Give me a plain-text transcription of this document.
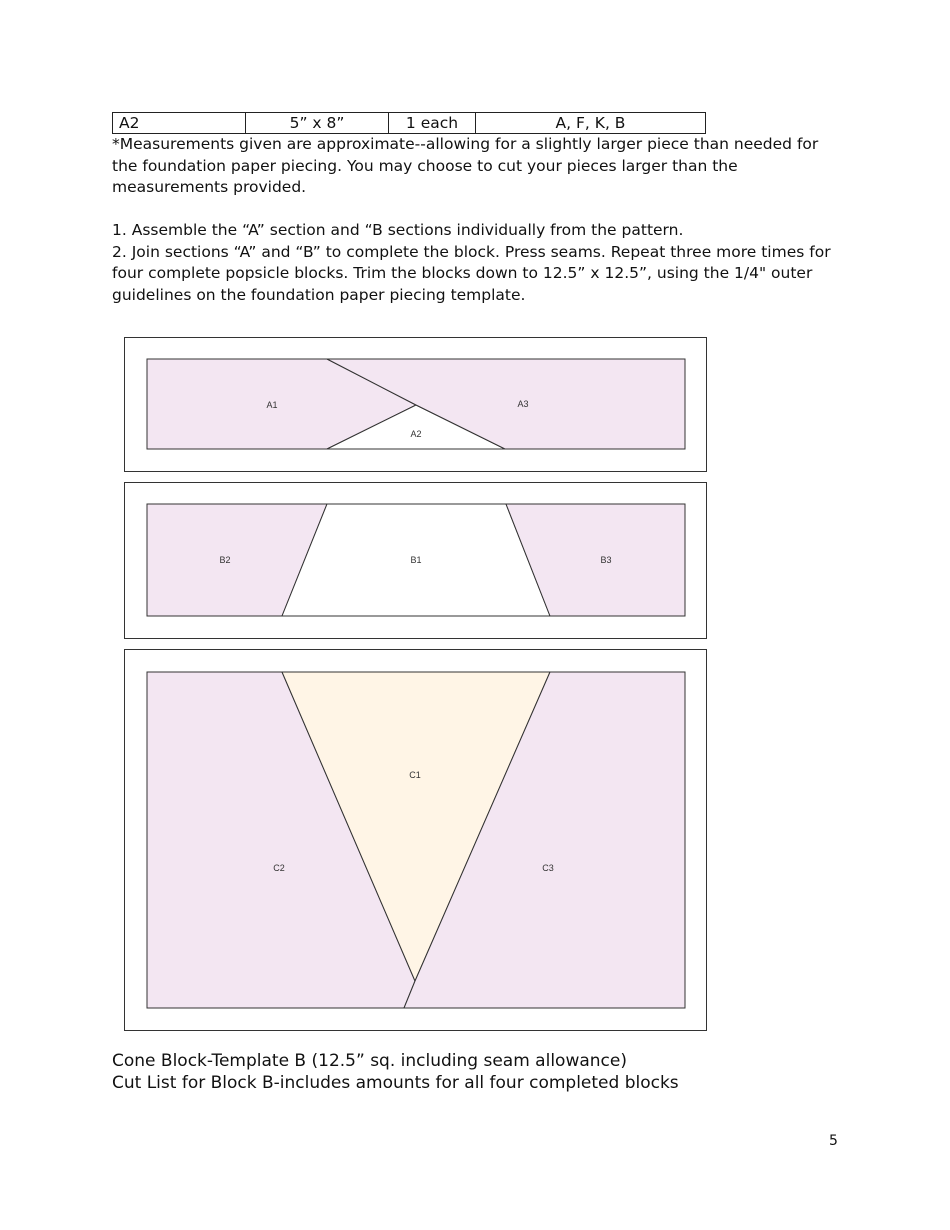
A2	5” x 8”	1 each	A, F, K, B

*Measurements given are approximate--allowing for a slightly larger piece than needed for the foundation paper piecing. You may choose to cut your pieces larger than the measurements provided.

1. Assemble the “A” section and “B sections individually from the pattern.
2. Join sections “A” and “B” to complete the block. Press seams. Repeat three more times for four complete popsicle blocks. Trim the blocks down to 12.5” x 12.5”, using the 1/4" outer guidelines on the foundation paper piecing template.
A1
A2
A3
B2	B1	B3
C1
C2	C3
Cone Block-Template B (12.5” sq. including seam allowance)
Cut List for Block B-includes amounts for all four completed blocks
5
